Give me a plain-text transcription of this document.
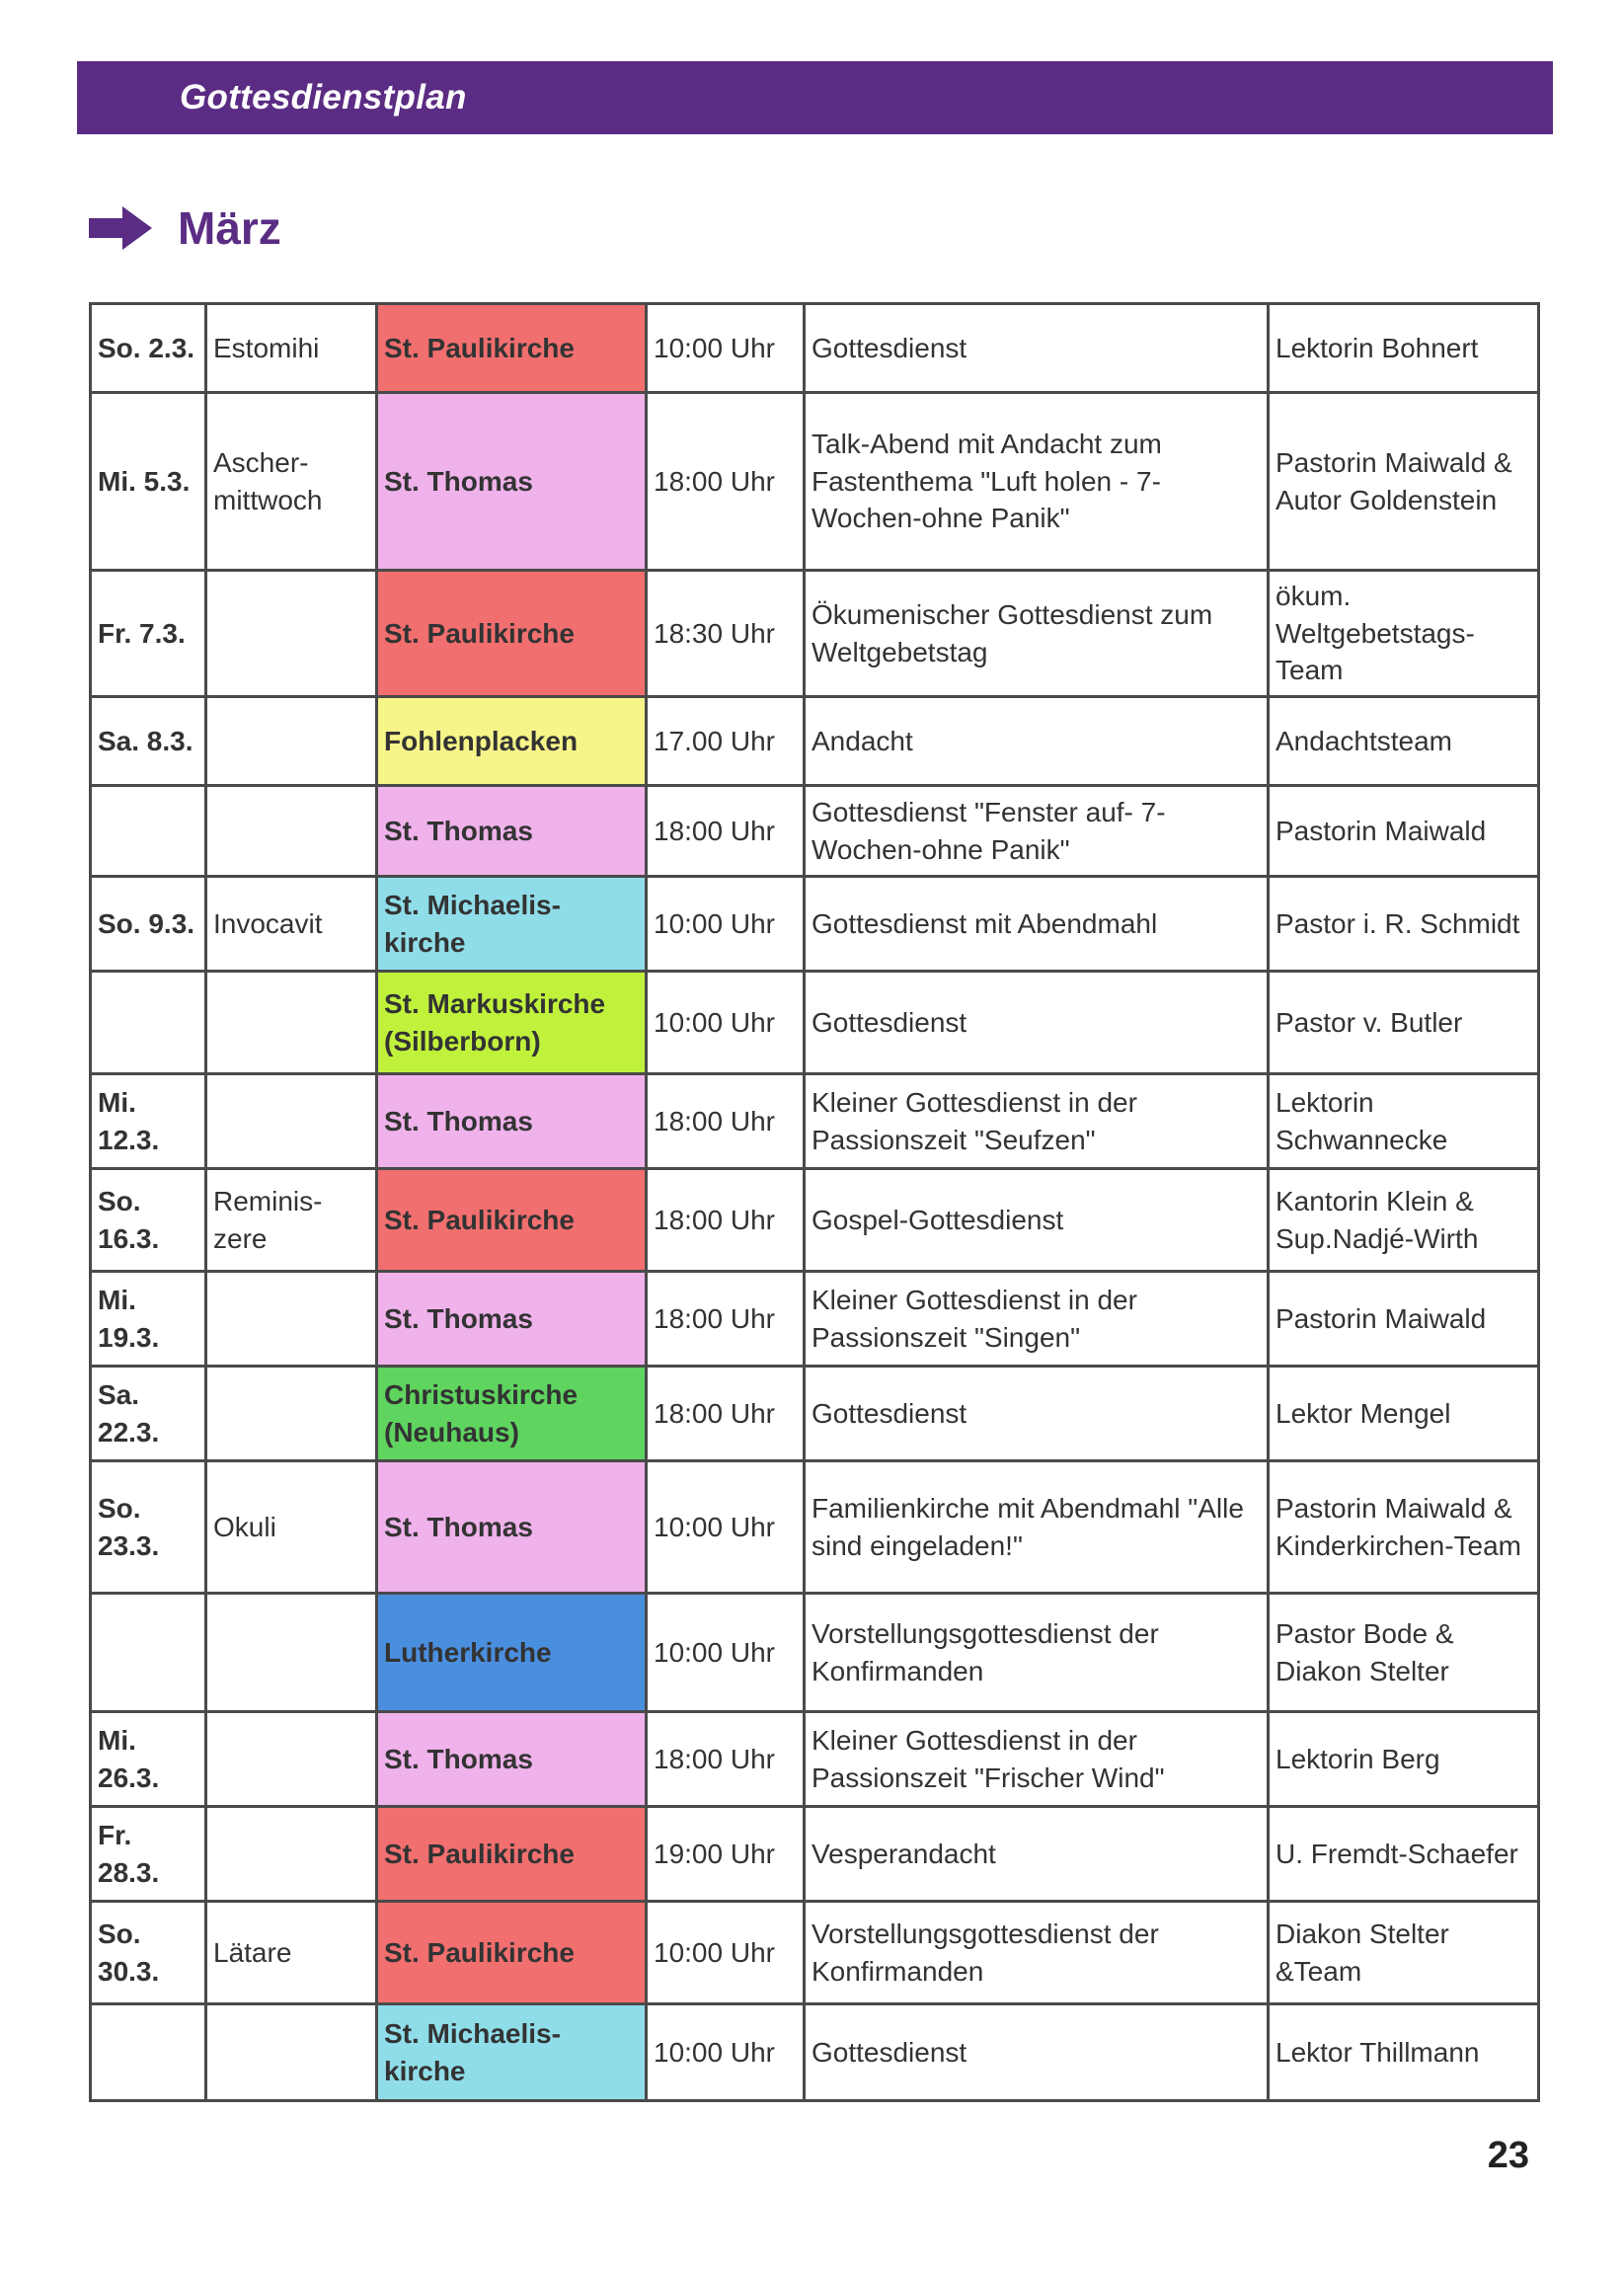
Gottesdienstplan
März
So. 2.3.	Estomihi	St. Paulikirche	10:00 Uhr	Gottesdienst	Lektorin Bohnert
Mi. 5.3.	Ascher-mittwoch	St. Thomas	18:00 Uhr	Talk-Abend mit Andacht zum Fastenthema "Luft holen - 7-Wochen-ohne Panik"	Pastorin Maiwald & Autor Goldenstein
Fr. 7.3.		St. Paulikirche	18:30 Uhr	Ökumenischer Gottesdienst zum Weltgebetstag	ökum. Weltgebetstags-Team
Sa. 8.3.		Fohlenplacken	17.00 Uhr	Andacht	Andachtsteam
		St. Thomas	18:00 Uhr	Gottesdienst "Fenster auf- 7-Wochen-ohne Panik"	Pastorin Maiwald
So. 9.3.	Invocavit	St. Michaelis-kirche	10:00 Uhr	Gottesdienst mit Abendmahl	Pastor i. R. Schmidt
		St. Markuskirche (Silberborn)	10:00 Uhr	Gottesdienst	Pastor v. Butler
Mi. 12.3.		St. Thomas	18:00 Uhr	Kleiner Gottesdienst in der Passionszeit "Seufzen"	Lektorin Schwannecke
So. 16.3.	Reminis-zere	St. Paulikirche	18:00 Uhr	Gospel-Gottesdienst	Kantorin Klein & Sup.Nadjé-Wirth
Mi. 19.3.		St. Thomas	18:00 Uhr	Kleiner Gottesdienst in der Passionszeit "Singen"	Pastorin Maiwald
Sa. 22.3.		Christuskirche (Neuhaus)	18:00 Uhr	Gottesdienst	Lektor Mengel
So. 23.3.	Okuli	St. Thomas	10:00 Uhr	Familienkirche mit Abendmahl "Alle sind eingeladen!"	Pastorin Maiwald & Kinderkirchen-Team
		Lutherkirche	10:00 Uhr	Vorstellungsgottesdienst der Konfirmanden	Pastor Bode & Diakon Stelter
Mi. 26.3.		St. Thomas	18:00 Uhr	Kleiner Gottesdienst in der Passionszeit "Frischer Wind"	Lektorin Berg
Fr. 28.3.		St. Paulikirche	19:00 Uhr	Vesperandacht	U. Fremdt-Schaefer
So. 30.3.	Lätare	St. Paulikirche	10:00 Uhr	Vorstellungsgottesdienst der Konfirmanden	Diakon Stelter &Team
		St. Michaelis-kirche	10:00 Uhr	Gottesdienst	Lektor Thillmann
23
